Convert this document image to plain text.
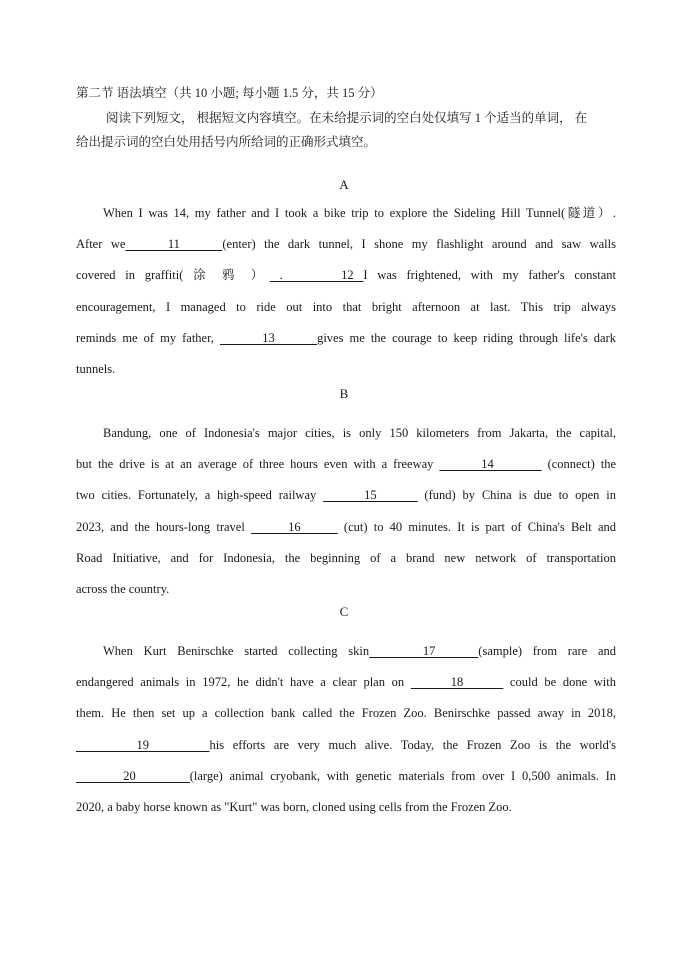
第二节 语法填空（共 10 小题; 每小题 1.5 分，共 15 分）
阅读下列短文， 根据短文内容填空。在未给提示词的空白处仅填写 1 个适当的单词， 在
给出提示词的空白处用括号内所给词的正确形式填空。
A
When I was 14, my father and I took a bike trip to explore the Sideling Hill Tunnel(隧道）.
After we     11     (enter) the dark tunnel, I shone my flashlight around and saw walls
covered in graffiti( 涂 鸦 ） .      12 I was frightened, with my father's constant
encouragement, I managed to ride out into that bright afternoon at last. This trip always
reminds me of my father,        13       gives me the courage to keep riding through life's dark
tunnels.
B
Bandung, one of Indonesia's major cities, is only 150 kilometers from Jakarta, the capital,
but the drive is at an average of three hours even with a freeway        14         (connect) the
two cities. Fortunately, a high-speed railway       15       (fund) by China is due to open in
2023, and the hours-long travel       16       (cut) to 40 minutes. It is part of China's Belt and
Road Initiative, and for Indonesia, the beginning of a brand new network of transportation
across the country.
C
When Kurt Benirschke started collecting skin     17    (sample) from rare and
endangered animals in 1972, he didn't have a clear plan on       18       could be done with
them. He then set up a collection bank called the Frozen Zoo. Benirschke passed away in 2018,
19       his efforts are very much alive. Today, the Frozen Zoo is the world's
20        (large) animal cryobank, with genetic materials from over I 0,500 animals. In
2020, a baby horse known as "Kurt" was born, cloned using cells from the Frozen Zoo.
